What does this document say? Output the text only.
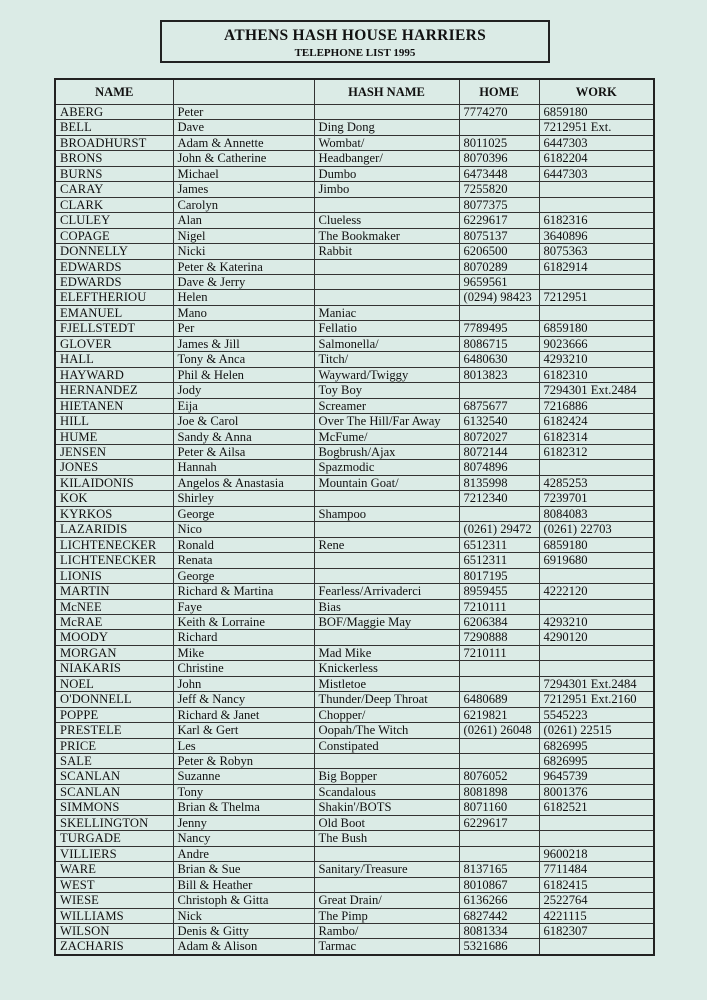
ATHENS HASH HOUSE HARRIERS
TELEPHONE LIST 1995
NAME		HASH NAME	HOME	WORK
ABERG	Peter		7774270	6859180
BELL	Dave	Ding Dong		7212951 Ext.
BROADHURST	Adam & Annette	Wombat/	8011025	6447303
BRONS	John & Catherine	Headbanger/	8070396	6182204
BURNS	Michael	Dumbo	6473448	6447303
CARAY	James	Jimbo	7255820	
CLARK	Carolyn		8077375	
CLULEY	Alan	Clueless	6229617	6182316
COPAGE	Nigel	The Bookmaker	8075137	3640896
DONNELLY	Nicki	Rabbit	6206500	8075363
EDWARDS	Peter & Katerina		8070289	6182914
EDWARDS	Dave & Jerry		9659561	
ELEFTHERIOU	Helen		(0294) 98423	7212951
EMANUEL	Mano	Maniac		
FJELLSTEDT	Per	Fellatio	7789495	6859180
GLOVER	James & Jill	Salmonella/	8086715	9023666
HALL	Tony & Anca	Titch/	6480630	4293210
HAYWARD	Phil & Helen	Wayward/Twiggy	8013823	6182310
HERNANDEZ	Jody	Toy Boy		7294301 Ext.2484
HIETANEN	Eija	Screamer	6875677	7216886
HILL	Joe & Carol	Over The Hill/Far Away	6132540	6182424
HUME	Sandy & Anna	McFume/	8072027	6182314
JENSEN	Peter & Ailsa	Bogbrush/Ajax	8072144	6182312
JONES	Hannah	Spazmodic	8074896	
KILAIDONIS	Angelos & Anastasia	Mountain Goat/	8135998	4285253
KOK	Shirley		7212340	7239701
KYRKOS	George	Shampoo		8084083
LAZARIDIS	Nico		(0261) 29472	(0261) 22703
LICHTENECKER	Ronald	Rene	6512311	6859180
LICHTENECKER	Renata		6512311	6919680
LIONIS	George		8017195	
MARTIN	Richard & Martina	Fearless/Arrivaderci	8959455	4222120
McNEE	Faye	Bias	7210111	
McRAE	Keith & Lorraine	BOF/Maggie May	6206384	4293210
MOODY	Richard		7290888	4290120
MORGAN	Mike	Mad Mike	7210111	
NIAKARIS	Christine	Knickerless		
NOEL	John	Mistletoe		7294301 Ext.2484
O'DONNELL	Jeff & Nancy	Thunder/Deep Throat	6480689	7212951 Ext.2160
POPPE	Richard & Janet	Chopper/	6219821	5545223
PRESTELE	Karl & Gert	Oopah/The Witch	(0261) 26048	(0261) 22515
PRICE	Les	Constipated		6826995
SALE	Peter & Robyn			6826995
SCANLAN	Suzanne	Big Bopper	8076052	9645739
SCANLAN	Tony	Scandalous	8081898	8001376
SIMMONS	Brian & Thelma	Shakin'/BOTS	8071160	6182521
SKELLINGTON	Jenny	Old Boot	6229617	
TURGADE	Nancy	The Bush		
VILLIERS	Andre			9600218
WARE	Brian & Sue	Sanitary/Treasure	8137165	7711484
WEST	Bill & Heather		8010867	6182415
WIESE	Christoph & Gitta	Great Drain/	6136266	2522764
WILLIAMS	Nick	The Pimp	6827442	4221115
WILSON	Denis & Gitty	Rambo/	8081334	6182307
ZACHARIS	Adam & Alison	Tarmac	5321686	
